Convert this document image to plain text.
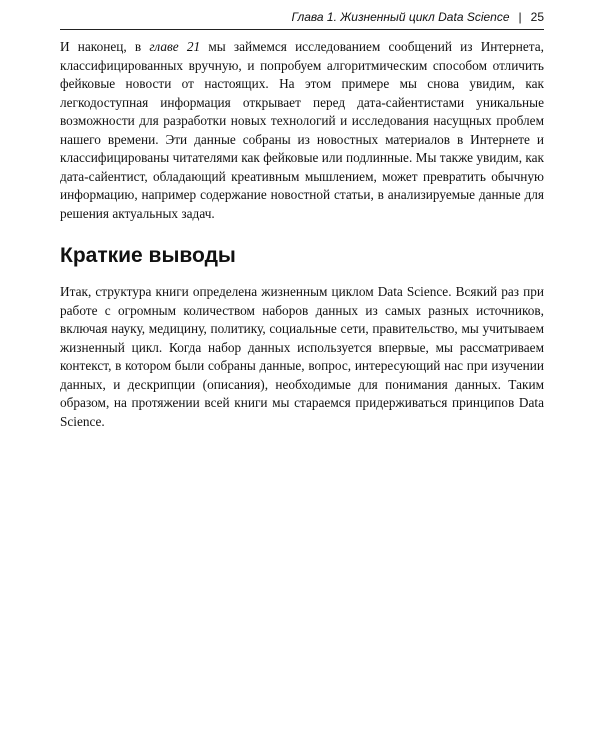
Глава 1. Жизненный цикл Data Science | 25

И наконец, в главе 21 мы займемся исследованием сообщений из Интернета, классифицированных вручную, и попробуем алгоритмическим способом отличить фейковые новости от настоящих. На этом примере мы снова увидим, как легкодоступная информация открывает перед дата-сайентистами уникальные возможности для разработки новых технологий и исследования насущных проблем нашего времени. Эти данные собраны из новостных материалов в Интернете и классифицированы читателями как фейковые или подлинные. Мы также увидим, как дата-сайентист, обладающий креативным мышлением, может превратить обычную информацию, например содержание новостной статьи, в анализируемые данные для решения актуальных задач.

Краткие выводы

Итак, структура книги определена жизненным циклом Data Science. Всякий раз при работе с огромным количеством наборов данных из самых разных источников, включая науку, медицину, политику, социальные сети, правительство, мы учитываем жизненный цикл. Когда набор данных используется впервые, мы рассматриваем контекст, в котором были собраны данные, вопрос, интересующий нас при изучении данных, и дескрипции (описания), необходимые для понимания данных. Таким образом, на протяжении всей книги мы стараемся придерживаться принципов Data Science.
